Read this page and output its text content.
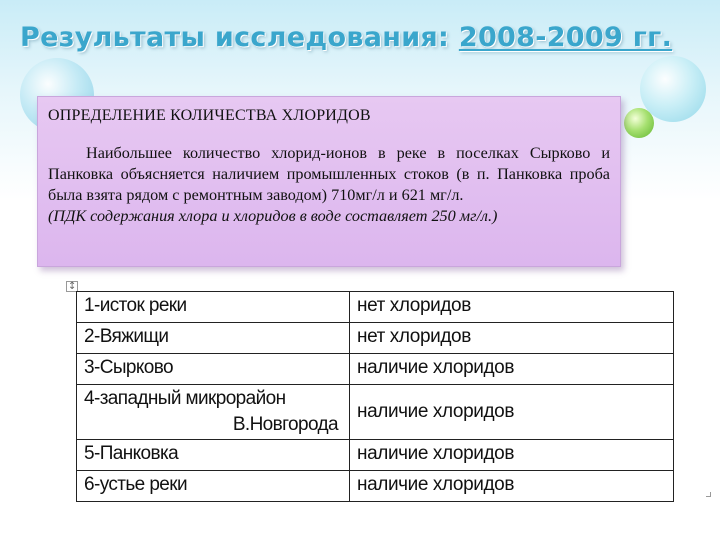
Результаты исследования: 2008-2009 гг.

ОПРЕДЕЛЕНИЕ КОЛИЧЕСТВА ХЛОРИДОВ

Наибольшее количество хлорид-ионов в реке в поселках Сырково и Панковка объясняется наличием промышленных стоков (в п. Панковка проба была взята рядом с ремонтным заводом) 710мг/л и 621 мг/л.

(ПДК содержания хлора и хлоридов в воде составляет 250 мг/л.)

↕
1-исток реки	нет хлоридов
2-Вяжищи	нет хлоридов
3-Сырково	наличие хлоридов
4-западный микрорайон
В.Новгорода	наличие хлоридов
5-Панковка	наличие хлоридов
6-устье реки	наличие хлоридов
